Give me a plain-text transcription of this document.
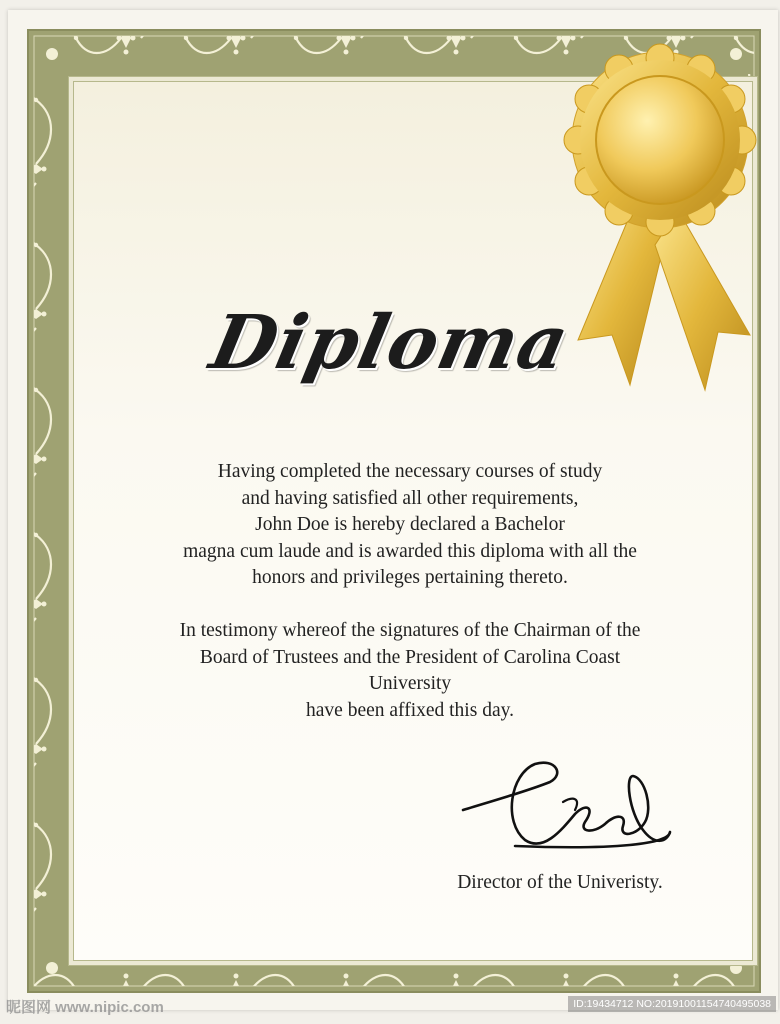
Diploma
Having completed the necessary courses of study
and having satisfied all other requirements,
John Doe is hereby declared a Bachelor
magna cum laude and is awarded this diploma with all the
honors and privileges pertaining thereto.
In testimony whereof the signatures of the Chairman of the
Board of Trustees and the President of Carolina Coast
University
have been affixed this day.
Director of the Univeristy.
昵图网 www.nipic.com	ID:19434712 NO:20191001154740495038
